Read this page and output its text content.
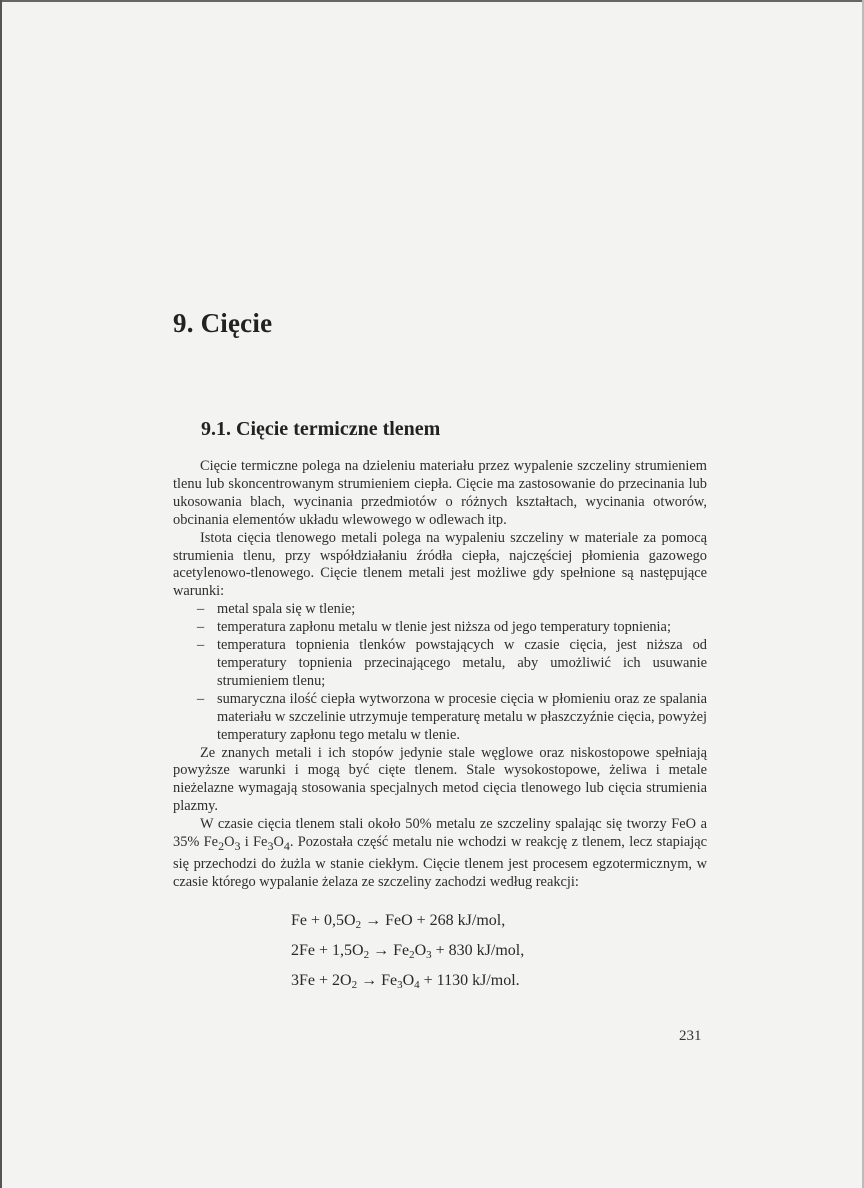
9. Cięcie
9.1. Cięcie termiczne tlenem

Cięcie termiczne polega na dzieleniu materiału przez wypalenie szczeliny strumieniem tlenu lub skoncentrowanym strumieniem ciepła. Cięcie ma zastosowanie do przecinania lub ukosowania blach, wycinania przedmiotów o różnych kształtach, wycinania otworów, obcinania elementów układu wlewowego w odlewach itp.

Istota cięcia tlenowego metali polega na wypaleniu szczeliny w materiale za pomocą strumienia tlenu, przy współdziałaniu źródła ciepła, najczęściej płomienia gazowego acetylenowo-tlenowego. Cięcie tlenem metali jest możliwe gdy spełnione są następujące warunki:

– metal spala się w tlenie;
– temperatura zapłonu metalu w tlenie jest niższa od jego temperatury topnienia;
– temperatura topnienia tlenków powstających w czasie cięcia, jest niższa od temperatury topnienia przecinającego metalu, aby umożliwić ich usuwanie strumieniem tlenu;
– sumaryczna ilość ciepła wytworzona w procesie cięcia w płomieniu oraz ze spalania materiału w szczelinie utrzymuje temperaturę metalu w płaszczyźnie cięcia, powyżej temperatury zapłonu tego metalu w tlenie.

Ze znanych metali i ich stopów jedynie stale węglowe oraz niskostopowe spełniają powyższe warunki i mogą być cięte tlenem. Stale wysokostopowe, żeliwa i metale nieżelazne wymagają stosowania specjalnych metod cięcia tlenowego lub cięcia strumienia plazmy.

W czasie cięcia tlenem stali około 50% metalu ze szczeliny spalając się tworzy FeO a 35% $Fe_2O_3$ i $Fe_3O_4$. Pozostała część metalu nie wchodzi w reakcję z tlenem, lecz stapiając się przechodzi do żużla w stanie ciekłym. Cięcie tlenem jest procesem egzotermicznym, w czasie którego wypalanie żelaza ze szczeliny zachodzi według reakcji:

$Fe + 0,5O_2$ → FeO + 268 kJ/mol,
$2Fe + 1,5O_2 \to Fe_2O_3 + 830$ kJ/mol,
$3Fe + 2O_2 \to Fe_3O_4 + 1130$ kJ/mol.
231
